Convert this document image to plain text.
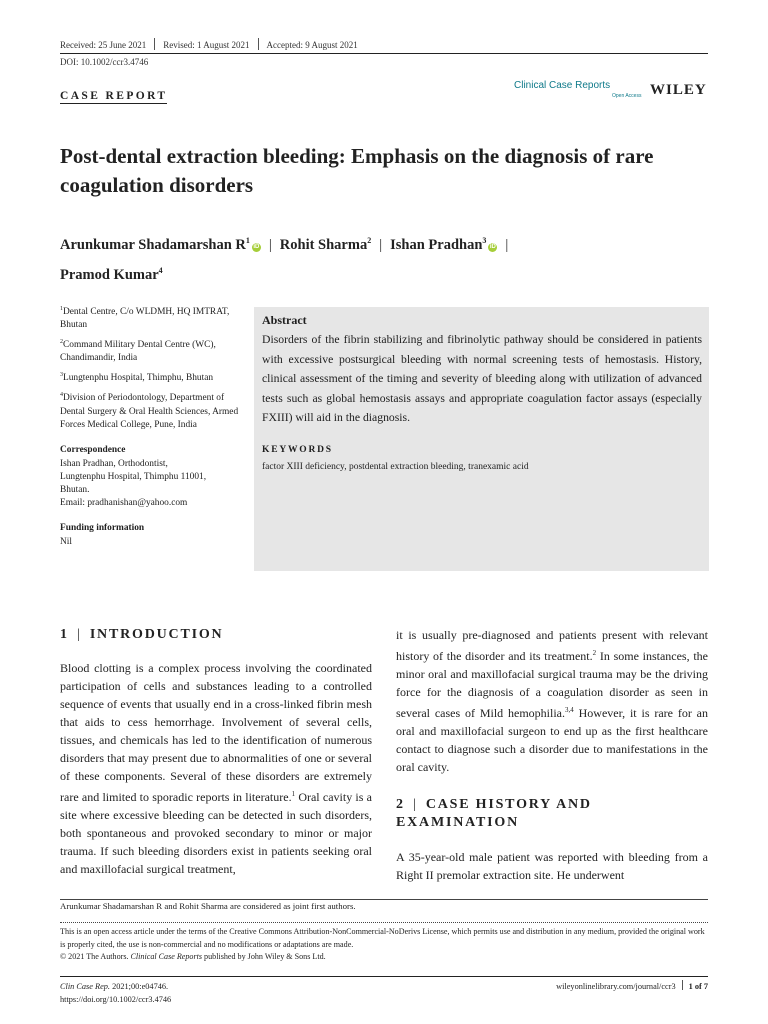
Received: 25 June 2021 Revised: 1 August 2021 Accepted: 9 August 2021
DOI: 10.1002/ccr3.4746
CASE REPORT
Clinical Case Reports
Open Access WILEY
Post-dental extraction bleeding: Emphasis on the diagnosis of rare coagulation disorders
Arunkumar Shadamarshan $R^1iD$ | Rohit Sharma$^2$ | Ishan Pradhan$^3$iD |
Pramod Kumar$^4$

$^1$Dental Centre, C/o WLDMH, HQ IMTRAT, Bhutan

$^2$Command Military Dental Centre (WC), Chandimandir, India

$^3$Lungtenphu Hospital, Thimphu, Bhutan

$^4$Division of Periodontology, Department of Dental Surgery & Oral Health Sciences, Armed Forces Medical College, Pune, India

Correspondence

Ishan Pradhan, Orthodontist,

Lungtenphu Hospital, Thimphu 11001,

Bhutan.

Email: pradhanishan@yahoo.com

Funding information

Nil

Abstract
Disorders of the fibrin stabilizing and fibrinolytic pathway should be considered in patients with excessive postsurgical bleeding with normal screening tests of hemostasis. History, clinical assessment of the timing and severity of bleeding along with utilization of advanced tests such as global hemostasis assays and appropriate coagulation factor assays (especially FXIII) will aid in the diagnosis.
KEYWORDS
factor XIII deficiency, postdental extraction bleeding, tranexamic acid
1 | INTRODUCTION
Blood clotting is a complex process involving the coordinated participation of cells and substances leading to a controlled sequence of events that usually end in a cross-linked fibrin mesh that aids to cess hemorrhage. Involvement of several cells, tissues, and chemicals has led to the identification of numerous disorders that may present due to abnormalities of one or several of these components. Several of these disorders are extremely rare and limited to sporadic reports in literature.$^1$ Oral cavity is a site where excessive bleeding can be detected in such disorders, both spontaneous and provoked secondary to minor or major trauma. If such bleeding disorders exist in patients seeking oral and maxillofacial surgical treatment,
it is usually pre-diagnosed and patients present with relevant history of the disorder and its treatment.$^2$ In some instances, the minor oral and maxillofacial surgical trauma may be the driving force for the diagnosis of a coagulation disorder as seen in several cases of Mild hemophilia.$^{3,4}$ However, it is rare for an oral and maxillofacial surgeon to end up as the first healthcare contact to diagnose such a disorder due to manifestations in the oral cavity.
2 | CASE HISTORY AND EXAMINATION
A 35-year-old male patient was reported with bleeding from a Right II premolar extraction site. He underwent
Arunkumar Shadamarshan R and Rohit Sharma are considered as joint first authors.
This is an open access article under the terms of the Creative Commons Attribution-NonCommercial-NoDerivs License, which permits use and distribution in any medium, provided the original work is properly cited, the use is non-commercial and no modifications or adaptations are made.
© 2021 The Authors. Clinical Case Reports published by John Wiley & Sons Ltd.
Clin Case Rep. 2021;00:e04746.
https://doi.org/10.1002/ccr3.4746
wileyonlinelibrary.com/journal/ccr3 1 of 7
